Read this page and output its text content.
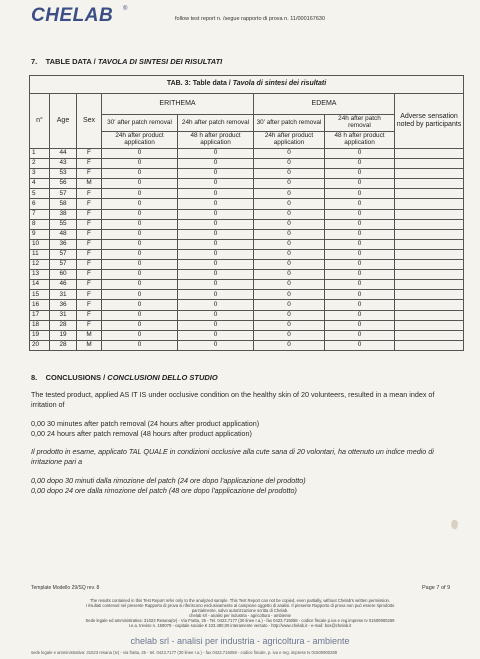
CHELAB ®
follow test report n. /segue rapporto di prova n. 11/000167630
7. TABLE DATA / TAVOLA DI SINTESI DEI RISULTATI
TAB. 3: Table data / Tavola di sintesi dei risultati							
n°	Age	Sex	ERITHEMA		EDEMA		Adverse sensation noted by participants
			30' after patch removal	24h after patch removal	30' after patch removal	24h after patch removal	
			24h after product application	48 h after product application	24h after product application	48 h after product application	
1	44	F	0	0	0	0	
2	43	F	0	0	0	0	
3	53	F	0	0	0	0	
4	56	M	0	0	0	0	
5	57	F	0	0	0	0	
6	58	F	0	0	0	0	
7	38	F	0	0	0	0	
8	55	F	0	0	0	0	
9	48	F	0	0	0	0	
10	36	F	0	0	0	0	
11	57	F	0	0	0	0	
12	57	F	0	0	0	0	
13	60	F	0	0	0	0	
14	46	F	0	0	0	0	
15	31	F	0	0	0	0	
16	36	F	0	0	0	0	
17	31	F	0	0	0	0	
18	28	F	0	0	0	0	
19	19	M	0	0	0	0	
20	28	M	0	0	0	0	
8. CONCLUSIONS / CONCLUSIONI DELLO STUDIO
The tested product, applied AS IT IS under occlusive condition on the healthy skin of 20 volunteers, resulted in a mean index of irritation of
0,00 30 minutes after patch removal (24 hours after product application)
0,00 24 hours after patch removal (48 hours after product application)
Il prodotto in esame, applicato TAL QUALE in condizioni occlusive alla cute sana di 20 volontari, ha ottenuto un indice medio di irritazione pari a
0,00 dopo 30 minuti dalla rimozione del patch (24 ore dopo l'applicazione del prodotto)
0,00 dopo 24 ore dalla rimozione del patch (48 ore dopo l'applicazione del prodotto)
Template Modello 29/SQ rev. 8	Page 7 of 9
The results contained in this Test Report refer only to the analyzed sample. This Test Report can not be copied, even partially, without Chelab's written permission.
I risultati contenuti nel presente Rapporto di prova si riferiscono esclusivamente al campione oggetto di analisi. Il presente Rapporto di prova non può essere riprodotto
parzialmente, salvo autorizzazione scritta di Chelab.
chelab srl - analisi per industria - agricoltura - ambiente
Sede legale ed amministrativa: 31023 Resana(tv) - Via Fratta, 25 - Tel. 0423.7177 (30 linee r.a.) - fax 0423.715058 - codice fiscale p.iva e reg.imprese tv 01500900269
r.e.a. treviso n. 159079 - capitale sociale € 103.480,00 interamente versato - http://www.chelab.it - e-mail: bos@chelab.it
chelab srl - analisi per industria - agricoltura - ambiente
sede legale e amministrativa: 31023 resana (tv) - via fratta, 25 - tel. 0423.7177 (30 linee r.a.) - fax 0423.715058 - codice fiscale, p. iva e reg. imprese tv 01500900269
